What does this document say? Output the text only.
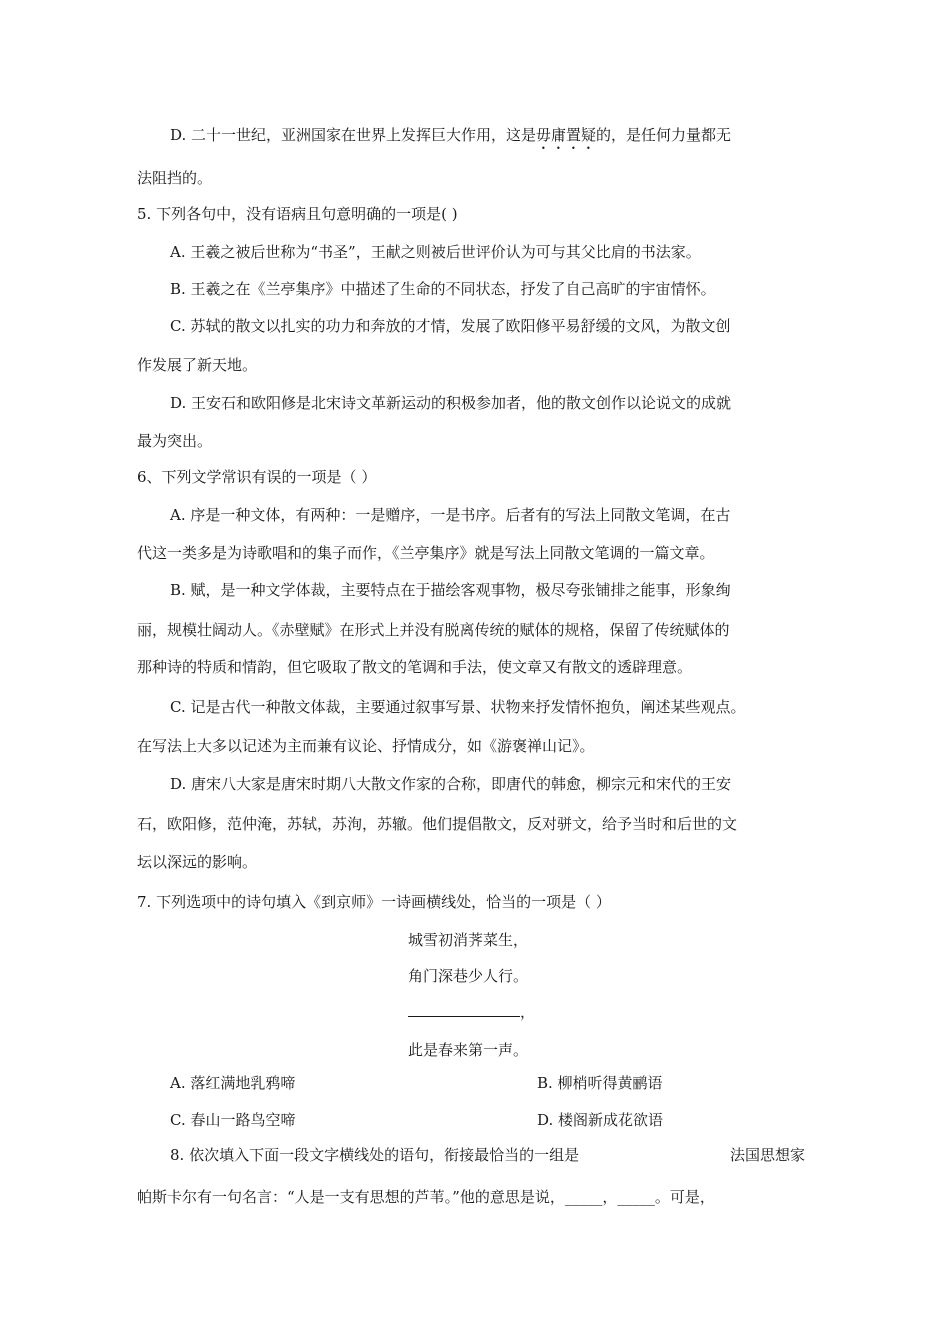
D. 二十一世纪，亚洲国家在世界上发挥巨大作用，这是毋庸置疑的，是任何力量都无
法阻挡的。
5. 下列各句中，没有语病且句意明确的一项是( )
A. 王羲之被后世称为“书圣”，王献之则被后世评价认为可与其父比肩的书法家。
B. 王羲之在《兰亭集序》中描述了生命的不同状态，抒发了自己高旷的宇宙情怀。
C. 苏轼的散文以扎实的功力和奔放的才情，发展了欧阳修平易舒缓的文风，为散文创
作发展了新天地。
D. 王安石和欧阳修是北宋诗文革新运动的积极参加者，他的散文创作以论说文的成就
最为突出。
6、下列文学常识有误的一项是（ ）
A. 序是一种文体，有两种：一是赠序，一是书序。后者有的写法上同散文笔调，在古
代这一类多是为诗歌唱和的集子而作，《兰亭集序》就是写法上同散文笔调的一篇文章。
B. 赋，是一种文学体裁，主要特点在于描绘客观事物，极尽夸张铺排之能事，形象绚
丽，规模壮阔动人。《赤壁赋》在形式上并没有脱离传统的赋体的规格，保留了传统赋体的
那种诗的特质和情韵，但它吸取了散文的笔调和手法，使文章又有散文的透辟理意。
C. 记是古代一种散文体裁，主要通过叙事写景、状物来抒发情怀抱负，阐述某些观点。
在写法上大多以记述为主而兼有议论、抒情成分，如《游褒禅山记》。
D. 唐宋八大家是唐宋时期八大散文作家的合称，即唐代的韩愈，柳宗元和宋代的王安
石，欧阳修，范仲淹，苏轼，苏洵，苏辙。他们提倡散文，反对骈文，给予当时和后世的文
坛以深远的影响。
7. 下列选项中的诗句填入《到京师》一诗画横线处，恰当的一项是（ ）
城雪初消荠菜生，
角门深巷少人行。
，
此是春来第一声。
A. 落红满地乳鸦啼	B. 柳梢听得黄鹂语
C. 春山一路鸟空啼	D. 楼阁新成花欲语
8. 依次填入下面一段文字横线处的语句，衔接最恰当的一组是	法国思想家
帕斯卡尔有一句名言：“人是一支有思想的芦苇。”他的意思是说，_____，_____。可是，
